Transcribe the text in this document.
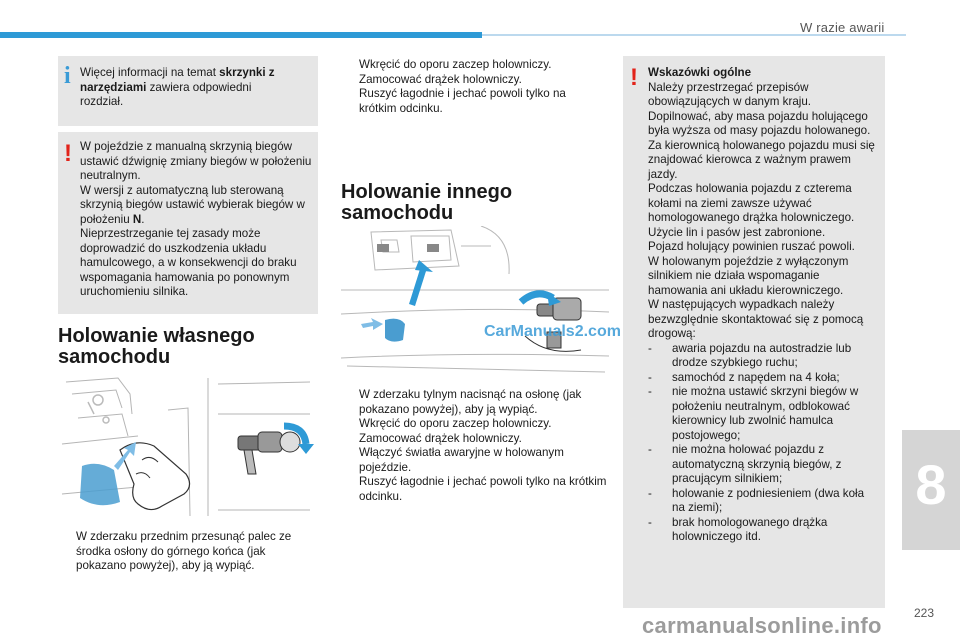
W razie awarii
i Więcej informacji na temat skrzynki z narzędziami zawiera odpowiedni rozdział.
! W pojeździe z manualną skrzynią biegów ustawić dźwignię zmiany biegów w położeniu neutralnym.
W wersji z automatyczną lub sterowaną skrzynią biegów ustawić wybierak biegów w położeniu N.
Nieprzestrzeganie tej zasady może doprowadzić do uszkodzenia układu hamulcowego, a w konsekwencji do braku wspomagania hamowania po ponownym uruchomieniu silnika.
Holowanie własnego samochodu
W zderzaku przednim przesunąć palec ze środka osłony do górnego końca (jak pokazano powyżej), aby ją wypiąć.
Wkręcić do oporu zaczep holowniczy.
Zamocować drążek holowniczy.
Ruszyć łagodnie i jechać powoli tylko na krótkim odcinku.
Holowanie innego samochodu
CarManuals2.com
W zderzaku tylnym nacisnąć na osłonę (jak pokazano powyżej), aby ją wypiąć.
Wkręcić do oporu zaczep holowniczy.
Zamocować drążek holowniczy.
Włączyć światła awaryjne w holowanym pojeździe.
Ruszyć łagodnie i jechać powoli tylko na krótkim odcinku.
! Wskazówki ogólne
Należy przestrzegać przepisów obowiązujących w danym kraju.
Dopilnować, aby masa pojazdu holującego była wyższa od masy pojazdu holowanego.
Za kierownicą holowanego pojazdu musi się znajdować kierowca z ważnym prawem jazdy.
Podczas holowania pojazdu z czterema kołami na ziemi zawsze używać homologowanego drążka holowniczego.
Użycie lin i pasów jest zabronione.
Pojazd holujący powinien ruszać powoli.
W holowanym pojeździe z wyłączonym silnikiem nie działa wspomaganie hamowania ani układu kierowniczego.
W następujących wypadkach należy bezwzględnie skontaktować się z pomocą drogową:
- awaria pojazdu na autostradzie lub drodze szybkiego ruchu;
- samochód z napędem na 4 koła;
- nie można ustawić skrzyni biegów w położeniu neutralnym, odblokować kierownicy lub zwolnić hamulca postojowego;
- nie można holować pojazdu z automatyczną skrzynią biegów, z pracującym silnikiem;
- holowanie z podniesieniem (dwa koła na ziemi);
- brak homologowanego drążka holowniczego itd.
8
carmanualsonline.info	223
